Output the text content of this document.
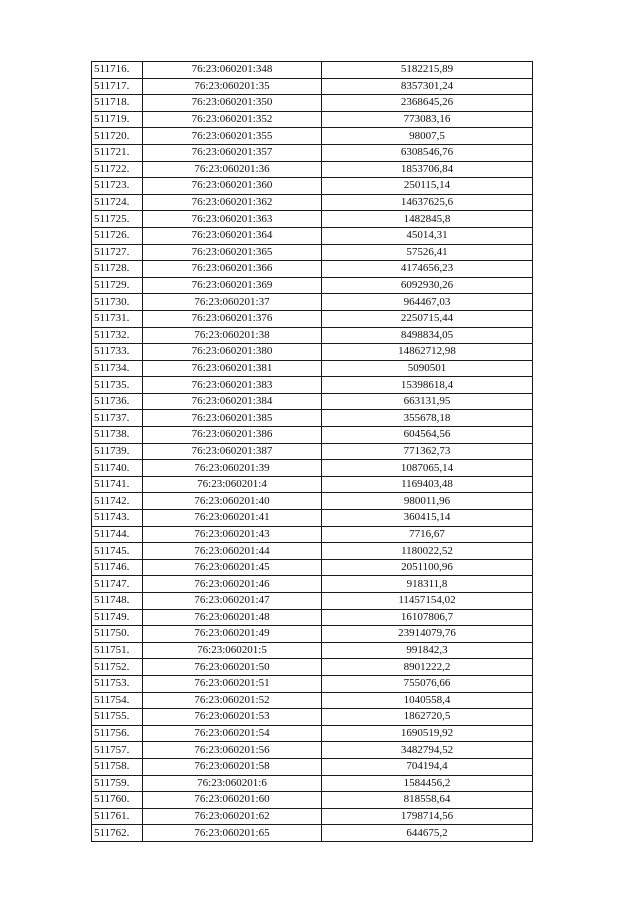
511716.	76:23:060201:348	5182215,89
511717.	76:23:060201:35	8357301,24
511718.	76:23:060201:350	2368645,26
511719.	76:23:060201:352	773083,16
511720.	76:23:060201:355	98007,5
511721.	76:23:060201:357	6308546,76
511722.	76:23:060201:36	1853706,84
511723.	76:23:060201:360	250115,14
511724.	76:23:060201:362	14637625,6
511725.	76:23:060201:363	1482845,8
511726.	76:23:060201:364	45014,31
511727.	76:23:060201:365	57526,41
511728.	76:23:060201:366	4174656,23
511729.	76:23:060201:369	6092930,26
511730.	76:23:060201:37	964467,03
511731.	76:23:060201:376	2250715,44
511732.	76:23:060201:38	8498834,05
511733.	76:23:060201:380	14862712,98
511734.	76:23:060201:381	5090501
511735.	76:23:060201:383	15398618,4
511736.	76:23:060201:384	663131,95
511737.	76:23:060201:385	355678,18
511738.	76:23:060201:386	604564,56
511739.	76:23:060201:387	771362,73
511740.	76:23:060201:39	1087065,14
511741.	76:23:060201:4	1169403,48
511742.	76:23:060201:40	980011,96
511743.	76:23:060201:41	360415,14
511744.	76:23:060201:43	7716,67
511745.	76:23:060201:44	1180022,52
511746.	76:23:060201:45	2051100,96
511747.	76:23:060201:46	918311,8
511748.	76:23:060201:47	11457154,02
511749.	76:23:060201:48	16107806,7
511750.	76:23:060201:49	23914079,76
511751.	76:23:060201:5	991842,3
511752.	76:23:060201:50	8901222,2
511753.	76:23:060201:51	755076,66
511754.	76:23:060201:52	1040558,4
511755.	76:23:060201:53	1862720,5
511756.	76:23:060201:54	1690519,92
511757.	76:23:060201:56	3482794,52
511758.	76:23:060201:58	704194,4
511759.	76:23:060201:6	1584456,2
511760.	76:23:060201:60	818558,64
511761.	76:23:060201:62	1798714,56
511762.	76:23:060201:65	644675,2
